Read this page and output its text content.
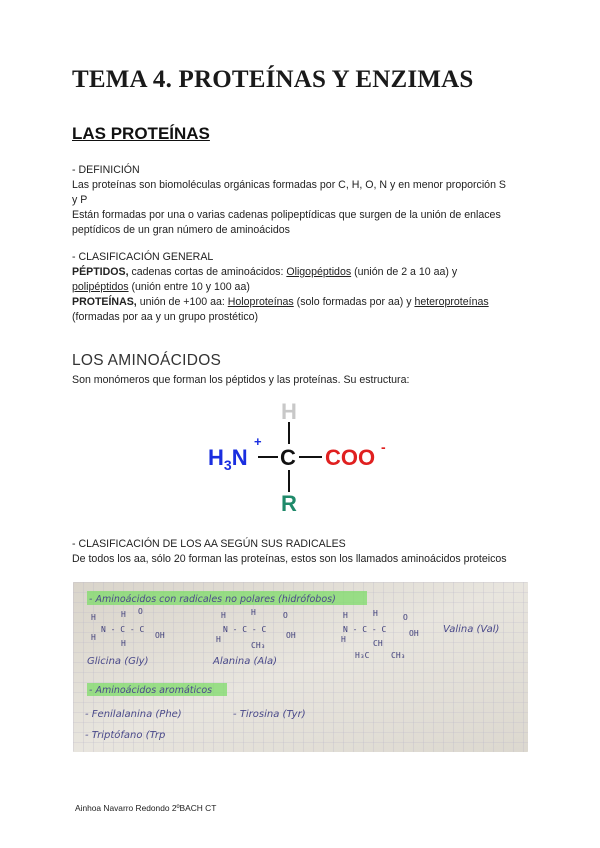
TEMA 4. PROTEÍNAS Y ENZIMAS
LAS PROTEÍNAS
- DEFINICIÓN
Las proteínas son biomoléculas orgánicas formadas por C, H, O, N y en menor proporción S
y P
Están formadas por una o varias cadenas polipeptídicas que surgen de la unión de enlaces
peptídicos de un gran número de aminoácidos
- CLASIFICACIÓN GENERAL
PÉPTIDOS, cadenas cortas de aminoácidos: Oligopéptidos (unión de 2 a 10 aa) y
polipéptidos (unión entre 10 y 100 aa)
PROTEÍNAS, unión de +100 aa: Holoproteínas (solo formadas por aa) y heteroproteínas
(formadas por aa y un grupo prostético)
LOS AMINOÁCIDOS
Son monómeros que forman los péptidos y las proteínas. Su estructura:
H
$H_3N$
+
C COO -
R
- CLASIFICACIÓN DE LOS AA SEGÚN SUS RADICALES
De todos los aa, sólo 20 forman las proteínas, estos son los llamados aminoácidos proteicos
- Aminoácidos con radicales no polares (hidrófobos)
H	H O
N - C - C
H	OH
H
Glicina (Gly)
H	H	O
N - C - C
H	OH
CH₃
Alanina (Ala)
H	H	O
N - C - C
H
OH
CH
H₃C	CH₃
Valina (Val)
- Aminoácidos aromáticos
- Fenilalanina (Phe)	- Tirosina (Tyr)
- Triptófano (Trp
Ainhoa Navarro Redondo 2ºBACH CT
